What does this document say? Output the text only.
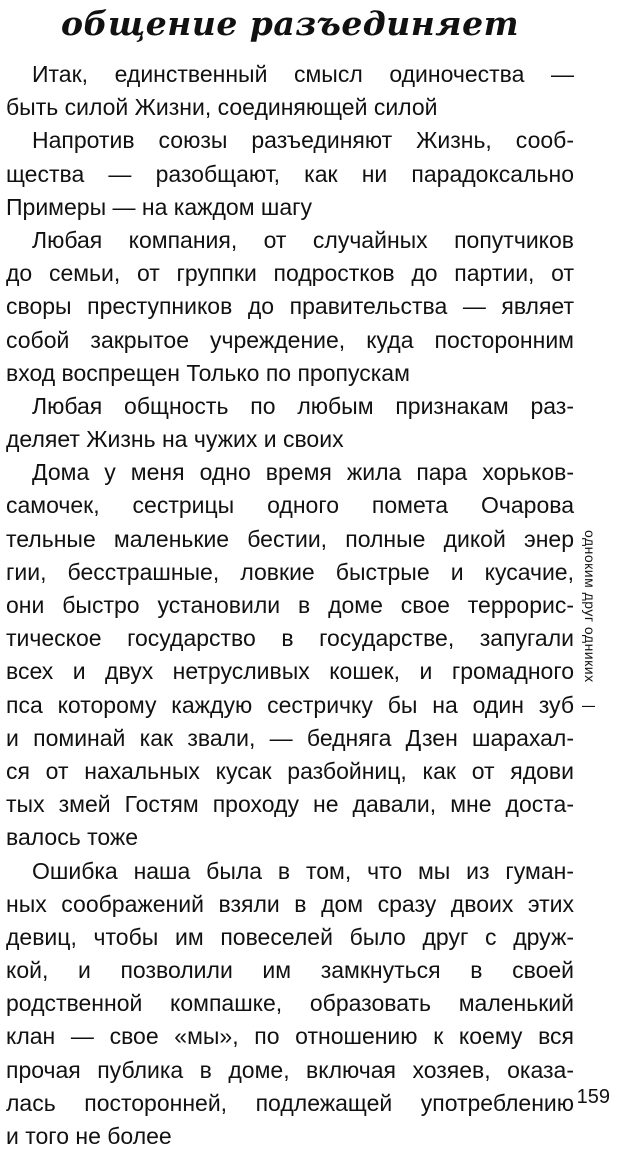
общение разъединяет
Итак, единственный смысл одиночества —
быть силой Жизни, соединяющей силой
Напротив союзы разъединяют Жизнь, сооб-
щества — разобщают, как ни парадоксально
Примеры — на каждом шагу
Любая компания, от случайных попутчиков
до семьи, от группки подростков до партии, от
своры преступников до правительства — являет
собой закрытое учреждение, куда посторонним
вход воспрещен Только по пропускам
Любая общность по любым признакам раз-
деляет Жизнь на чужих и своих
Дома у меня одно время жила пара хорьков-
самочек, сестрицы одного помета Очарова
тельные маленькие бестии, полные дикой энер
гии, бесстрашные, ловкие быстрые и кусачие,
они быстро установили в доме свое террорис-
тическое государство в государстве, запугали
всех и двух нетрусливых кошек, и громадного
пса которому каждую сестричку бы на один зуб
и поминай как звали, — бедняга Дзен шарахал-
ся от нахальных кусак разбойниц, как от ядови
тых змей Гостям проходу не давали, мне доста-
валось тоже
Ошибка наша была в том, что мы из гуман-
ных соображений взяли в дом сразу двоих этих
девиц, чтобы им повеселей было друг с друж-
кой, и позволили им замкнуться в своей
родственной компашке, образовать маленький
клан — свое «мы», по отношению к коему вся
прочая публика в доме, включая хозяев, оказа-
лась посторонней, подлежащей употреблению
и того не более
одноким друг одниких|
159
